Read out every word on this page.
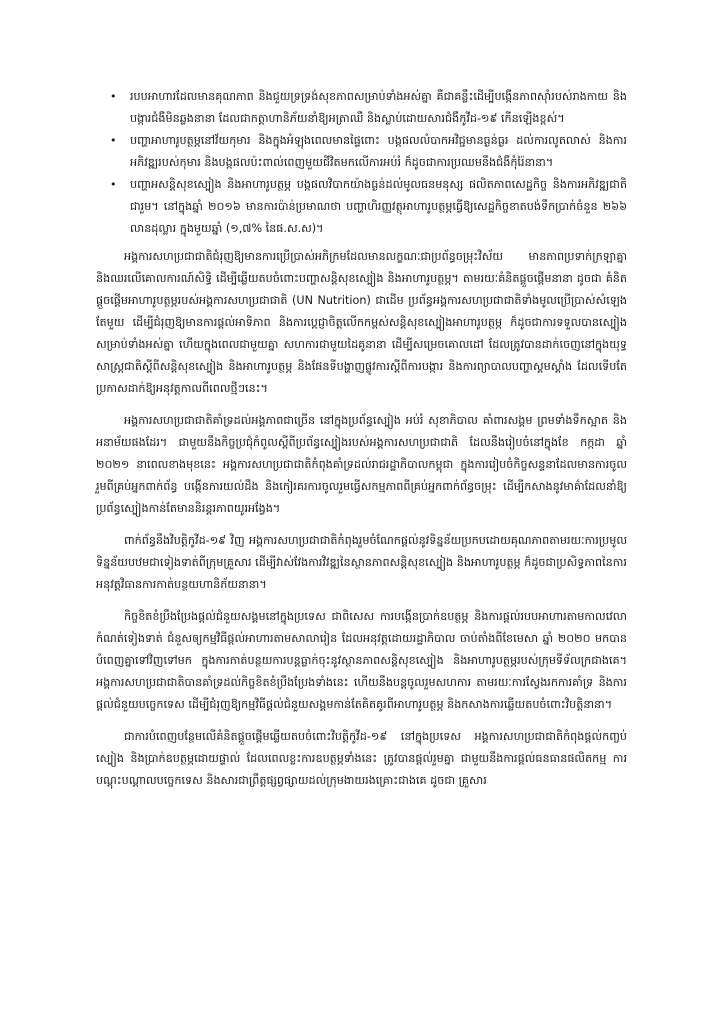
• របបអាហារដែលមានគុណភាព និងជួយទ្រទ្រង់សុខភាពសម្រាប់ទាំងអស់គ្នា គឺជាគន្លឹះដើម្បីបង្កើនភាពស៊ាំរបស់រាងកាយ និងបង្ការជំងឺមិនឆ្លងនានា ដែលជាកត្តាហានិភ័យនាំឱ្យអត្រាឈឺ និងស្លាប់ដោយសារជំងឺកូវីដ-១៩ កើនឡើងខ្ពស់។
• បញ្ហាអាហារូបត្ថម្ភនៅវ័យកុមារ និងក្នុងអំឡុងពេលមានផ្ទៃពោះ បង្កផលលំបាកអវិជ្ជមានធ្ងន់ធ្ងរ ដល់ការលូតលាស់ និងការអភិវឌ្ឍរបស់កុមារ និងបង្កផលប៉ះពាល់ពេញមួយជីវិតមកលើការអប់រំ ក៏ដូចជាការប្រឈមនឹងជំងឺកុំរ៉ៃនានា។
• បញ្ហាអសន្តិសុខស្បៀង និងអាហារូបត្ថម្ភ បង្កផលវិបាកយ៉ាងធ្ងន់ដល់មូលធនមនុស្ស ផលិតភាពសេដ្ឋកិច្ច និងការអភិវឌ្ឍជាតិជារួម។ នៅក្នុងឆ្នាំ ២០១៦ មានការប៉ាន់ប្រមាណថា បញ្ហាហិរញ្ញវត្ថុអាហារូបត្ថម្ភធ្វើឱ្យសេដ្ឋកិច្ចខាតបង់ទឹកប្រាក់ចំនួន ២៦៦ លានដុល្លារ ក្នុងមួយឆ្នាំ (១,៧% នៃផ.ស.ស)។

អង្គការសហប្រជាជាតិជំរុញឱ្យមានការប្រើប្រាស់អភិក្រមដែលមានលក្ខណៈជាប្រព័ន្ធចម្រុះវិស័យ មានភាពប្រទាក់ក្រឡាគ្នា និងឈរលើគោលការណ៍សិទ្ធិ ដើម្បីឆ្លើយតបចំពោះបញ្ហាសន្តិសុខស្បៀង និងអាហារូបត្ថម្ភ។ តាមរយៈគំនិតផ្តួចផ្តើមនានា ដូចជា គំនិតផ្តួចផ្តើមអាហារូបត្ថម្ភរបស់អង្គការសហប្រជាជាតិ (UN Nutrition) ជាដើម ប្រព័ន្ធអង្គការសហប្រជាជាតិទាំងមូលប្រើប្រាស់សំឡេងតែមួយ ដើម្បីជំរុញឱ្យមានការផ្តល់អាទិភាព និងការប្តេជ្ញាចិត្តលើកកម្ពស់សន្តិសុខស្បៀងអាហារូបត្ថម្ភ ក៏ដូចជាការទទួលបានស្បៀងសម្រាប់ទាំងអស់គ្នា ហើយក្នុងពេលជាមួយគ្នា សហការជាមួយដៃគូនានា ដើម្បីសម្រេចគោលដៅ ដែលត្រូវបានដាក់ចេញនៅក្នុងយុទ្ធសាស្ត្រជាតិស្តីពីសន្តិសុខស្បៀង និងអាហារូបត្ថម្ភ និងផែនទីបង្ហាញផ្លូវការស្តីពីការបង្ការ និងការព្យាបាលបញ្ហាស្គមស្គាំង ដែលទើបតែប្រកាសដាក់ឱ្យអនុវត្តកាលពីពេលថ្មីៗនេះ។

អង្គការសហប្រជាជាតិគាំទ្រដល់អង្គភាពជាច្រើន នៅក្នុងប្រព័ន្ធស្បៀង អប់រំ សុខាភិបាល គាំពារសង្គម ព្រមទាំងទឹកស្អាត និងអនាម័យផងដែរ។ ជាមួយនឹងកិច្ចប្រជុំកំពូលស្តីពីប្រព័ន្ធស្បៀងរបស់អង្គការសហប្រជាជាតិ ដែលនឹងរៀបចំនៅក្នុងខែ កក្កដា ឆ្នាំ ២០២១ នាពេលខាងមុខនេះ អង្គការសហប្រជាជាតិកំពុងគាំទ្រដល់រាជរដ្ឋាភិបាលកម្ពុជា ក្នុងការរៀបចំកិច្ចសន្ទនាដែលមានការចូលរួមពីគ្រប់អ្នកពាក់ព័ន្ធ បង្កើនការយល់ដឹង និងកៀរគរការចូលរួមធ្វើសកម្មភាពពីគ្រប់អ្នកពាក់ព័ន្ធចម្រុះ ដើម្បីកសាងនូវមាគ៌ាដែលនាំឱ្យប្រព័ន្ធស្បៀងកាន់តែមាននិរន្តរភាពយូរអង្វែង។

ពាក់ព័ន្ធនឹងវិបត្តិកូវីដ-១៩ វិញ អង្គការសហប្រជាជាតិកំពុងរួមចំណែកផ្តល់នូវទិន្នន័យប្រកបដោយគុណភាពតាមរយៈការប្រមូលទិន្នន័យបឋមជាទៀងទាត់ពីក្រុមគ្រួសារ ដើម្បីវាស់វែងការវិវឌ្ឍនៃស្ថានភាពសន្តិសុខស្បៀង និងអាហារូបត្ថម្ភ ក៏ដូចជាប្រសិទ្ធភាពនៃការអនុវត្តវិធានការកាត់បន្ថយហានិភ័យនានា។

កិច្ចខិតខំប្រឹងប្រែងផ្តល់ជំនួយសង្គមនៅក្នុងប្រទេស ជាពិសេស ការបង្កើនប្រាក់ឧបត្ថម្ភ និងការផ្តល់របបអាហារតាមកាលវេលាកំណត់ទៀងទាត់ ជំនួសឲ្យកម្មវិធីផ្តល់អាហារតាមសាលារៀន ដែលអនុវត្តដោយរដ្ឋាភិបាល ចាប់តាំងពីខែមេសា ឆ្នាំ ២០២០ មកបានបំពេញគ្នាទៅវិញទៅមក ក្នុងការកាត់បន្ថយការបន្តធ្លាក់ចុះនូវស្ថានភាពសន្តិសុខស្បៀង និងអាហារូបត្ថម្ភរបស់ក្រុមទីទ័លក្រជាងគេ។ អង្គការសហប្រជាជាតិបានគាំទ្រដល់កិច្ចខិតខំប្រឹងប្រែងទាំងនេះ ហើយនឹងបន្តចូលរួមសហការ តាមរយៈការស្វែងរកការគាំទ្រ និងការផ្តល់ជំនួយបច្ចេកទេស ដើម្បីជំរុញឱ្យកម្មវិធីផ្តល់ជំនួយសង្គមកាន់តែគិតគូរពីអាហារូបត្ថម្ភ និងកសាងការឆ្លើយតបចំពោះវិបត្តិនានា។

ជាការបំពេញបន្ថែមលើគំនិតផ្តួចផ្តើមឆ្លើយតបចំពោះវិបត្តិកូវីដ-១៩ នៅក្នុងប្រទេស អង្គការសហប្រជាជាតិកំពុងផ្តល់កញ្ចប់ស្បៀង និងប្រាក់ឧបត្ថម្ភដោយផ្ទាល់ ដែលពេលខ្លះការឧបត្ថម្ភទាំងនេះ ត្រូវបានផ្តល់រួមគ្នា ជាមួយនឹងការផ្តល់ធនធានផលិតកម្ម ការបណ្តុះបណ្តាលបច្ចេកទេស និងសារជាព្រឹត្តផ្សព្វផ្សាយដល់ក្រុមងាយរងគ្រោះជាងគេ ដូចជា គ្រួសារ
